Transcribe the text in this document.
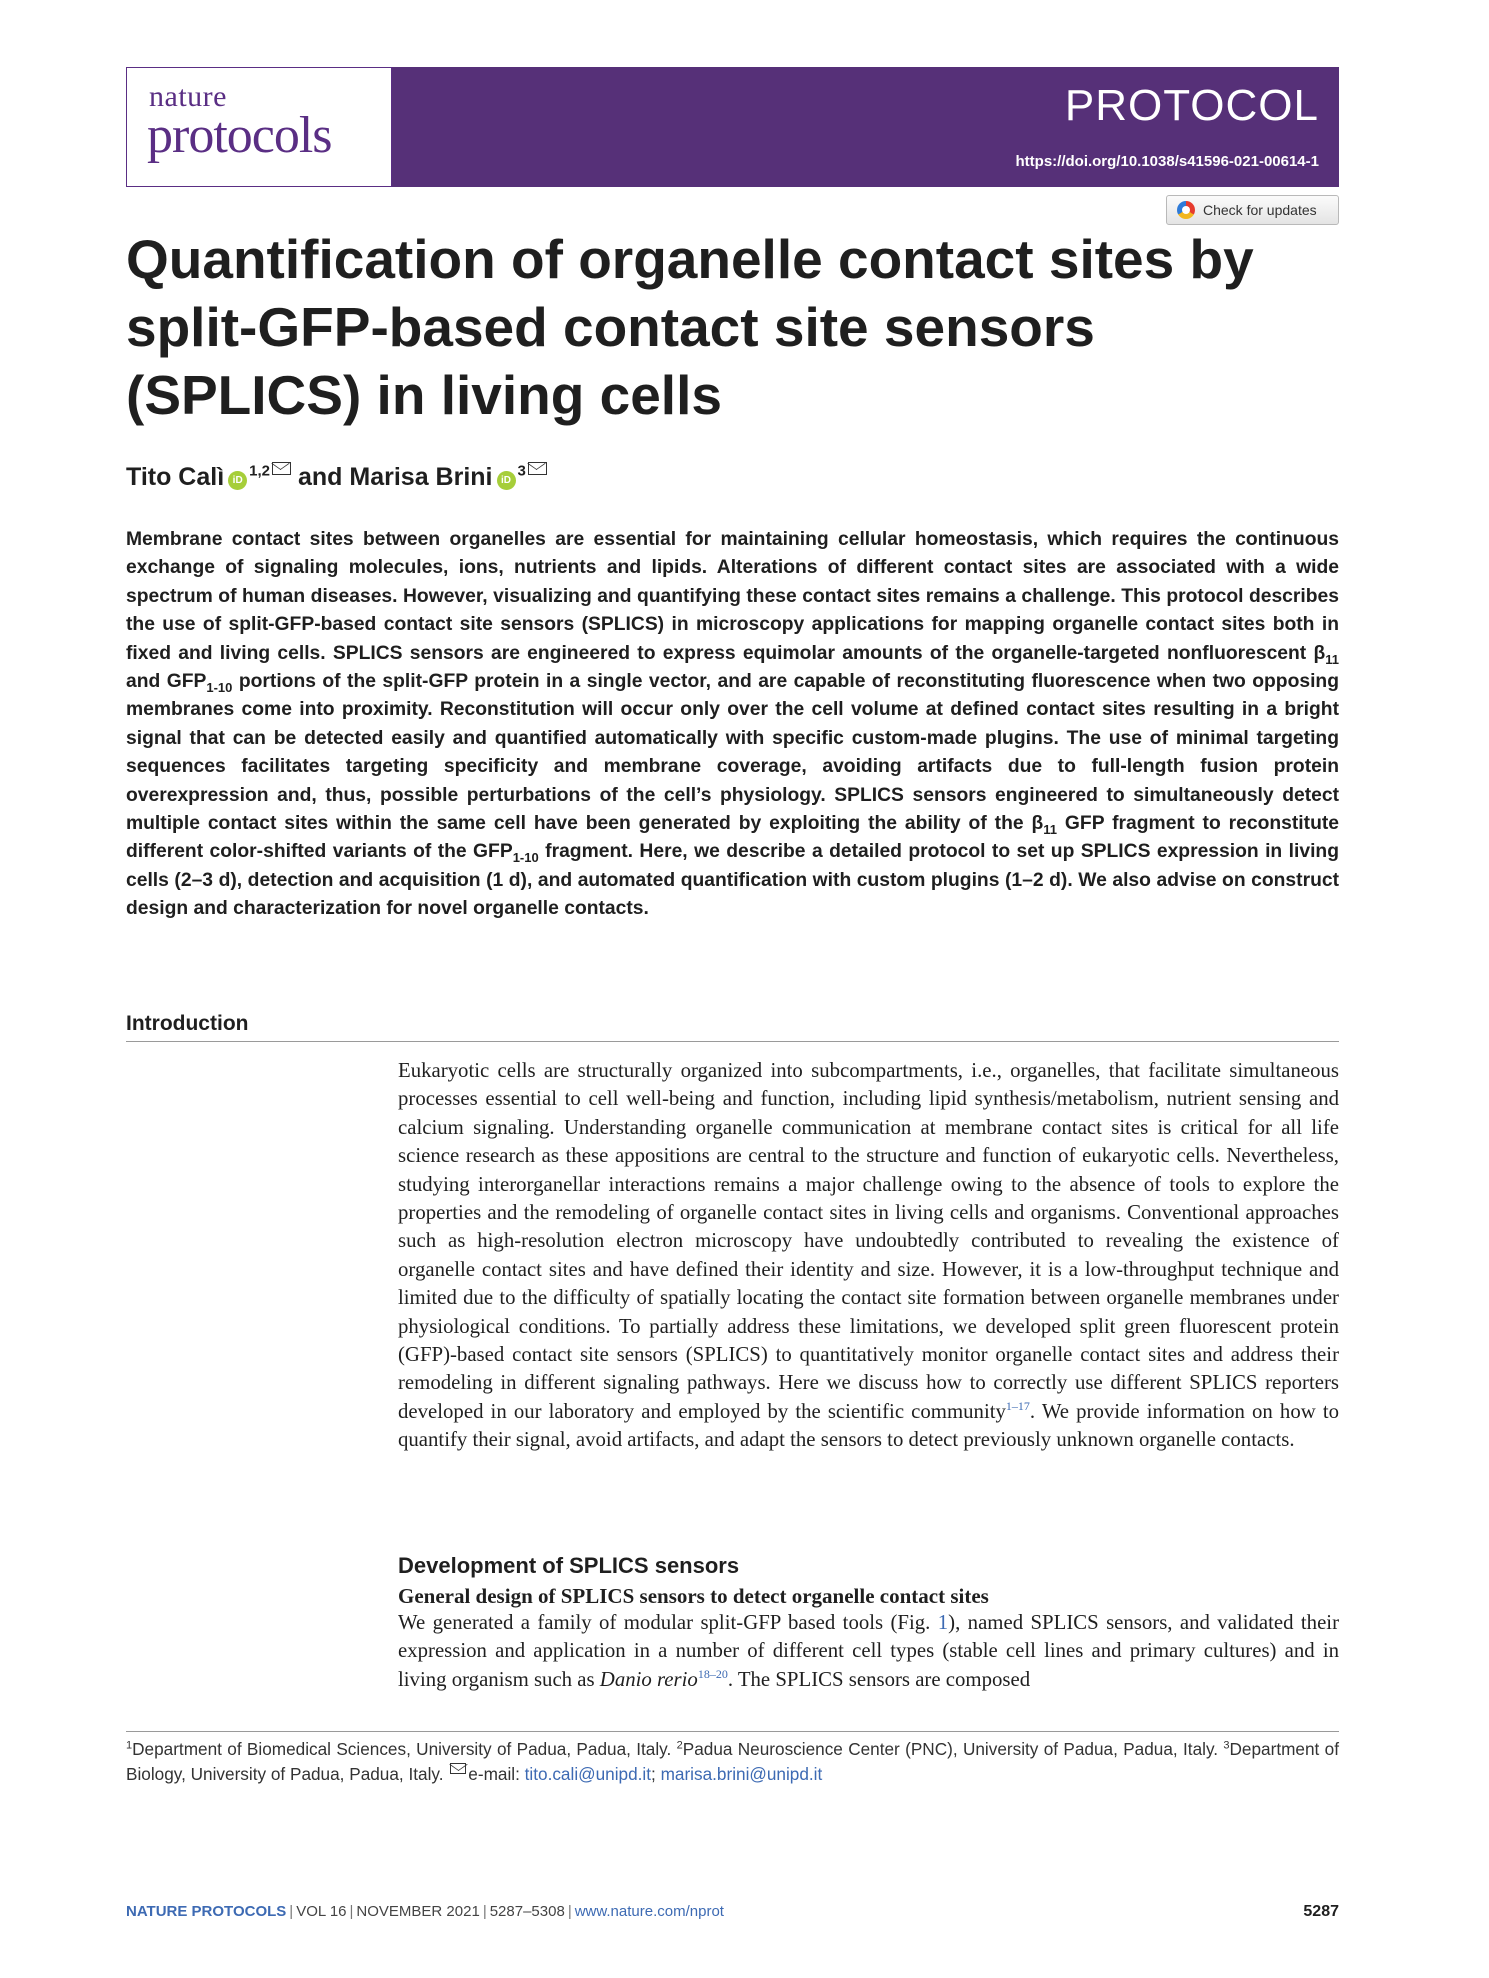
nature
protocols
PROTOCOL
https://doi.org/10.1038/s41596-021-00614-1
Check for updates
Quantification of organelle contact sites by split-GFP-based contact site sensors (SPLICS) in living cells
Tito Calì iD$^{1,2}$ and Marisa Brini $iD^3$

Membrane contact sites between organelles are essential for maintaining cellular homeostasis, which requires the continuous exchange of signaling molecules, ions, nutrients and lipids. Alterations of different contact sites are associated with a wide spectrum of human diseases. However, visualizing and quantifying these contact sites remains a challenge. This protocol describes the use of split-GFP-based contact site sensors (SPLICS) in microscopy applications for mapping organelle contact sites both in fixed and living cells. SPLICS sensors are engineered to express equimolar amounts of the organelle-targeted nonfluorescent $\beta_{11}$ and $GFP_{1-10}$ portions of the split-GFP protein in a single vector, and are capable of reconstituting fluorescence when two opposing membranes come into proximity. Reconstitution will occur only over the cell volume at defined contact sites resulting in a bright signal that can be detected easily and quantified automatically with specific custom-made plugins. The use of minimal targeting sequences facilitates targeting specificity and membrane coverage, avoiding artifacts due to full-length fusion protein overexpression and, thus, possible perturbations of the cell’s physiology. SPLICS sensors engineered to simultaneously detect multiple contact sites within the same cell have been generated by exploiting the ability of the $\beta_{11}$ GFP fragment to reconstitute different color-shifted variants of the $GFP_{1-10}$ fragment. Here, we describe a detailed protocol to set up SPLICS expression in living cells (2–3 d), detection and acquisition (1 d), and automated quantification with custom plugins (1–2 d). We also advise on construct design and characterization for novel organelle contacts.

Introduction

Eukaryotic cells are structurally organized into subcompartments, i.e., organelles, that facilitate simultaneous processes essential to cell well-being and function, including lipid synthesis/metabolism, nutrient sensing and calcium signaling. Understanding organelle communication at membrane contact sites is critical for all life science research as these appositions are central to the structure and function of eukaryotic cells. Nevertheless, studying interorganellar interactions remains a major challenge owing to the absence of tools to explore the properties and the remodeling of organelle contact sites in living cells and organisms. Conventional approaches such as high-resolution electron microscopy have undoubtedly contributed to revealing the existence of organelle contact sites and have defined their identity and size. However, it is a low-throughput technique and limited due to the difficulty of spatially locating the contact site formation between organelle membranes under physiological conditions. To partially address these limitations, we developed split green fluorescent protein (GFP)-based contact site sensors (SPLICS) to quantitatively monitor organelle contact sites and address their remodeling in different signaling pathways. Here we discuss how to correctly use different SPLICS reporters developed in our laboratory and employed by the scientific community$^{1-17}$. We provide information on how to quantify their signal, avoid artifacts, and adapt the sensors to detect previously unknown organelle contacts.

Development of SPLICS sensors
General design of SPLICS sensors to detect organelle contact sites

We generated a family of modular split-GFP based tools (Fig. 1), named SPLICS sensors, and validated their expression and application in a number of different cell types (stable cell lines and primary cultures) and in living organism such as Danio rerio$^{18-20}$. The SPLICS sensors are composed

$^1$Department of Biomedical Sciences, University of Padua, Padua, Italy. $^2$Padua Neuroscience Center (PNC), University of Padua, Padua, Italy. $^3$Department of Biology, University of Padua, Padua, Italy. e-mail: tito.cali@unipd.it; marisa.brini@unipd.it

NATURE PROTOCOLS | VOL 16 | NOVEMBER 2021 | 5287–5308 | www.nature.com/nprot	5287
